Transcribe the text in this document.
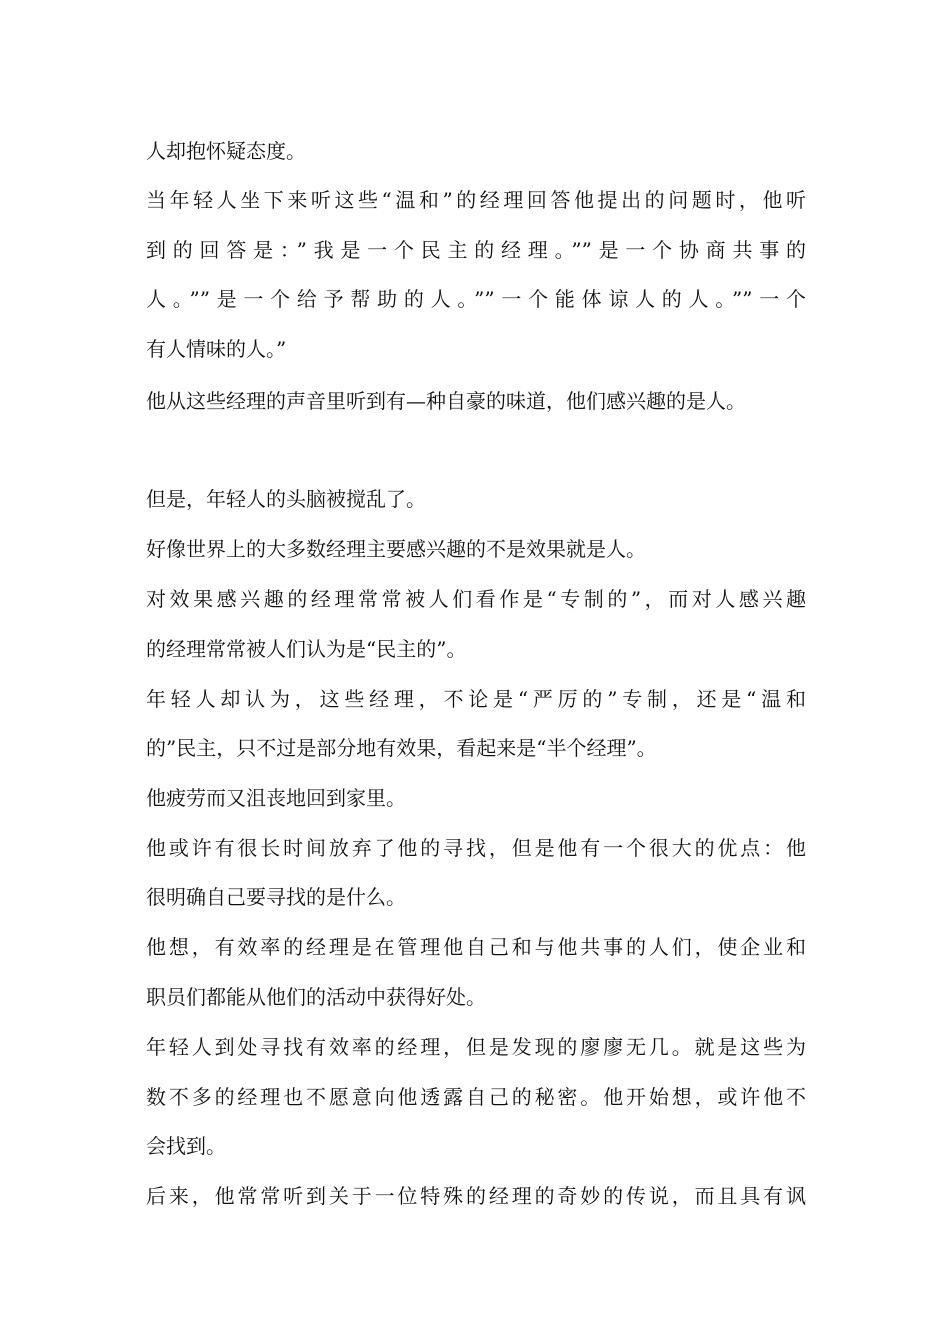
人却抱怀疑态度。

当年轻人坐下来听这些“温和”的经理回答他提出的问题时，他听

到的回答是：”我是一个民主的经理。””是一个协商共事的

人。””是一个给予帮助的人。””一个能体谅人的人。””一个

有人情味的人。”

他从这些经理的声音里听到有—种自豪的味道，他们感兴趣的是人。

但是，年轻人的头脑被搅乱了。

好像世界上的大多数经理主要感兴趣的不是效果就是人。

对效果感兴趣的经理常常被人们看作是“专制的”，而对人感兴趣

的经理常常被人们认为是“民主的”。

年轻人却认为，这些经理，不论是“严厉的”专制，还是“温和

的”民主，只不过是部分地有效果，看起来是“半个经理”。

他疲劳而又沮丧地回到家里。

他或许有很长时间放弃了他的寻找，但是他有一个很大的优点：他

很明确自己要寻找的是什么。

他想，有效率的经理是在管理他自己和与他共事的人们，使企业和

职员们都能从他们的活动中获得好处。

年轻人到处寻找有效率的经理，但是发现的廖廖无几。就是这些为

数不多的经理也不愿意向他透露自己的秘密。他开始想，或许他不

会找到。

后来，他常常听到关于一位特殊的经理的奇妙的传说，而且具有讽
